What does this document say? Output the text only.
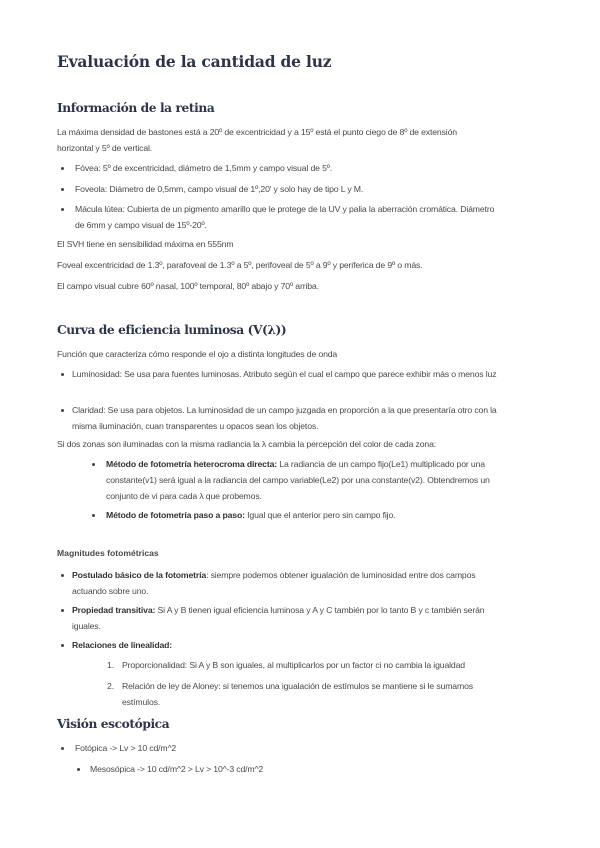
Evaluación de la cantidad de luz
Información de la retina

La máxima densidad de bastones está a 20º de excentricidad y a 15º está el punto ciego de 8º de extensión horizontal y 5º de vertical.

Fóvea: 5º de excentricidad, diámetro de 1,5mm y campo visual de 5º.
Foveola: Diámetro de 0,5mm, campo visual de 1º,20' y solo hay de tipo L y M.
Mácula lútea: Cubierta de un pigmento amarillo que le protege de la UV y palia la aberración cromática. Diámetro de 6mm y campo visual de 15º-20º.

El SVH tiene en sensibilidad máxima en 555nm

Foveal excentricidad de 1.3º, parafoveal de 1.3º a 5º, perifoveal de 5º a 9º y periferica de 9º o más.

El campo visual cubre 60º nasal, 100º temporal, 80º abajo y 70º arriba.

Curva de eficiencia luminosa (V(λ))

Función que caracteriza cómo responde el ojo a distinta longitudes de onda

Luminosidad: Se usa para fuentes luminosas. Atributo según el cual el campo que parece exhibir más o menos luz
Claridad: Se usa para objetos. La luminosidad de un campo juzgada en proporción a la que presentaría otro con la misma iluminación, cuan transparentes u opacos sean los objetos.

Si dos zonas son iluminadas con la misma radiancia la λ cambia la percepción del color de cada zona:

Método de fotometría heterocroma directa: La radiancia de un campo fijo(Le1) multiplicado por una constante(v1) será igual a la radiancia del campo variable(Le2) por una constante(v2). Obtendremos un conjunto de vi para cada λ que probemos.
Método de fotometría paso a paso: Igual que el anterior pero sin campo fijo.
Magnitudes fotométricas
Postulado básico de la fotometría: siempre podemos obtener igualación de luminosidad entre dos campos actuando sobre uno.
Propiedad transitiva: Si A y B tienen igual eficiencia luminosa y A y C también por lo tanto B y c también serán iguales.
Relaciones de linealidad:
1. Proporcionalidad: Si A y B son iguales, al multiplicarlos por un factor ci no cambia la igualdad
2. Relación de ley de Aloney: si tenemos una igualación de estímulos se mantiene si le sumamos estímulos.
Visión escotópica
Fotópica -> Lv > 10 cd/m^2
Mesosópica -> 10 cd/m^2 > Lv > 10^-3 cd/m^2
